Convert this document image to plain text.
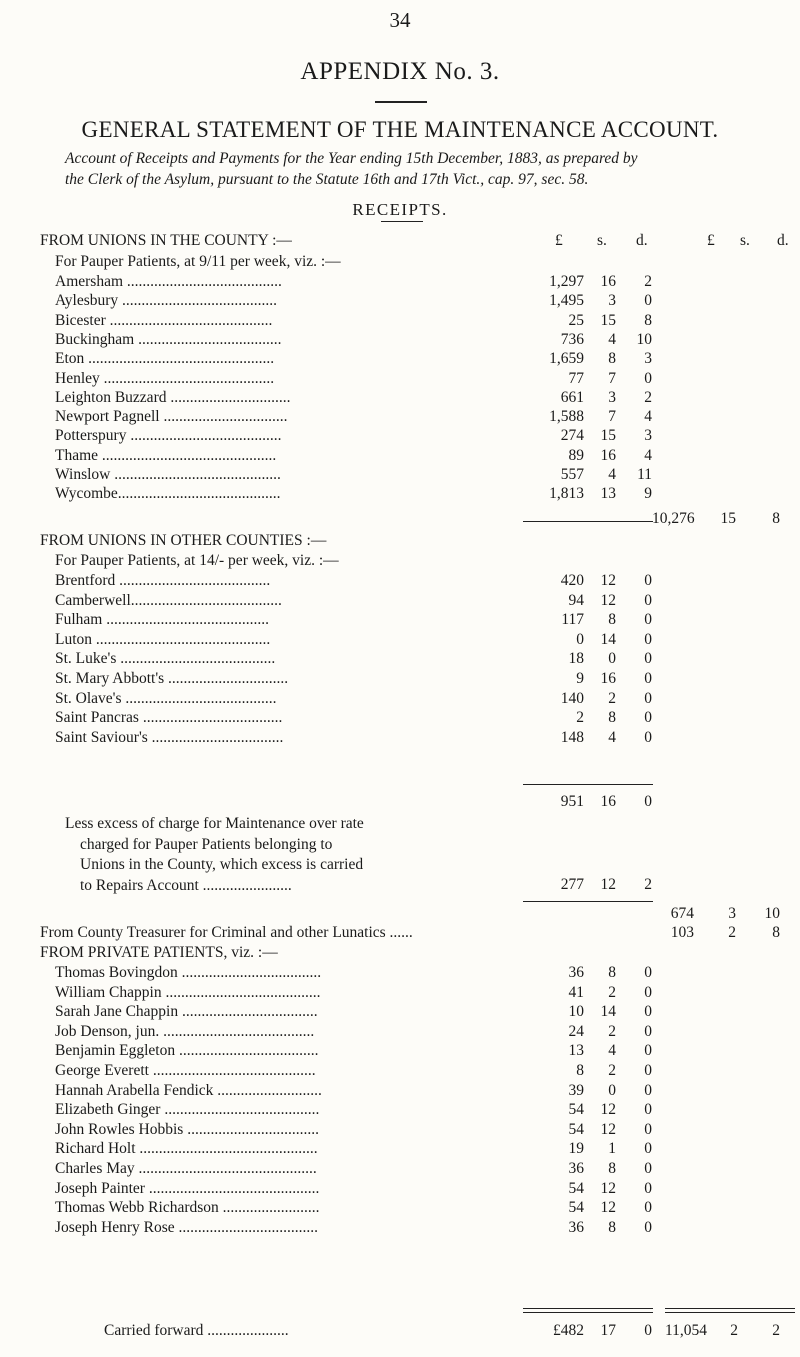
34
APPENDIX No. 3.
GENERAL STATEMENT OF THE MAINTENANCE ACCOUNT.
Account of Receipts and Payments for the Year ending 15th December, 1883, as prepared by
the Clerk of the Asylum, pursuant to the Statute 16th and 17th Vict., cap. 97, sec. 58.
RECEIPTS.
FROM UNIONS IN THE COUNTY :—	£ s. d.	£ s. d.
For Pauper Patients, at 9/11 per week, viz. :—
Amersham ........................................	1,297	16	2
Aylesbury ........................................	1,495	3	0
Bicester ..........................................	25	15	8
Buckingham .....................................	736	4	10
Eton ................................................	1,659	8	3
Henley ............................................	77	7	0
Leighton Buzzard ...............................	661	3	2
Newport Pagnell ................................	1,588	7	4
Potterspury .......................................	274	15	3
Thame .............................................	89	16	4
Winslow ...........................................	557	4	11
Wycombe..........................................	1,813	13	9
10,276	15	8
FROM UNIONS IN OTHER COUNTIES :—
For Pauper Patients, at 14/- per week, viz. :—
Brentford .......................................	420	12	0
Camberwell.......................................	94	12	0
Fulham ..........................................	117	8	0
Luton .............................................	0	14	0
St. Luke's ........................................	18	0	0
St. Mary Abbott's ...............................	9	16	0
St. Olave's .......................................	140	2	0
Saint Pancras ....................................	2	8	0
Saint Saviour's ..................................	148	4	0
951	16	0
Less excess of charge for Maintenance over rate
charged for Pauper Patients belonging to
Unions in the County, which excess is carried
to Repairs Account .......................	277	12	2
674	3	10
From County Treasurer for Criminal and other Lunatics ......	103	2	8
FROM PRIVATE PATIENTS, viz. :—
Thomas Bovingdon ....................................	36	8	0
William Chappin ........................................	41	2	0
Sarah Jane Chappin ...................................	10	14	0
Job Denson, jun. .......................................	24	2	0
Benjamin Eggleton ....................................	13	4	0
George Everett ..........................................	8	2	0
Hannah Arabella Fendick ...........................	39	0	0
Elizabeth Ginger ........................................	54	12	0
John Rowles Hobbis ..................................	54	12	0
Richard Holt ..............................................	19	1	0
Charles May ..............................................	36	8	0
Joseph Painter ............................................	54	12	0
Thomas Webb Richardson .........................	54	12	0
Joseph Henry Rose ....................................	36	8	0
Carried forward .....................	£482	17	0 11,054	2	2
